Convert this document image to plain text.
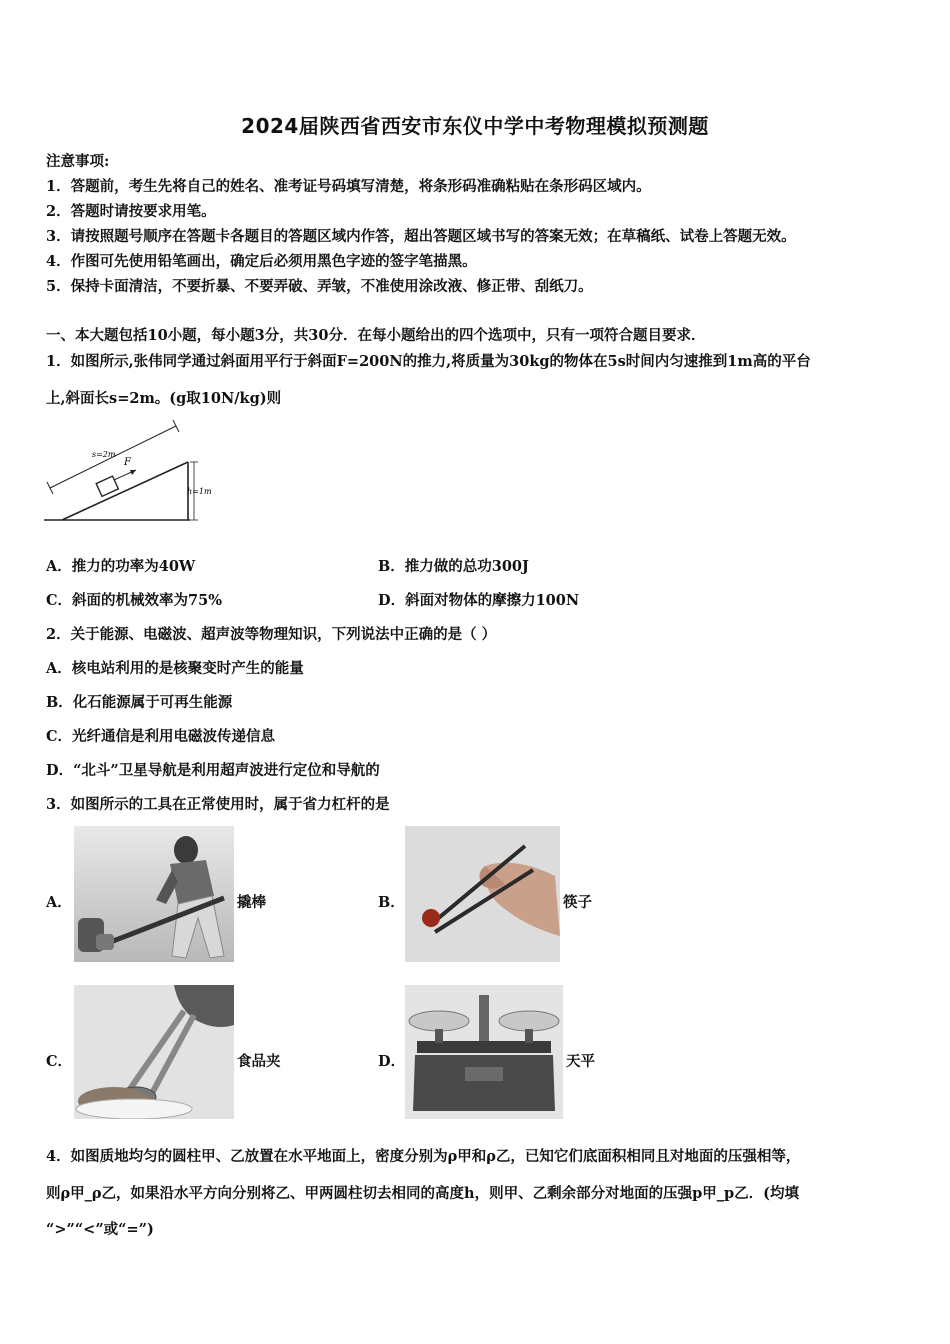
2024届陕西省西安市东仪中学中考物理模拟预测题
注意事项:
1．答题前，考生先将自己的姓名、准考证号码填写清楚，将条形码准确粘贴在条形码区域内。
2．答题时请按要求用笔。
3．请按照题号顺序在答题卡各题目的答题区域内作答，超出答题区域书写的答案无效；在草稿纸、试卷上答题无效。
4．作图可先使用铅笔画出，确定后必须用黑色字迹的签字笔描黑。
5．保持卡面清洁，不要折暴、不要弄破、弄皱，不准使用涂改液、修正带、刮纸刀。
一、本大题包括10小题，每小题3分，共30分．在每小题给出的四个选项中，只有一项符合题目要求．
1．如图所示,张伟同学通过斜面用平行于斜面F=200N的推力,将质量为30kg的物体在5s时间内匀速推到1m高的平台
上,斜面长s=2m。(g取10N/kg)则
s=2m
F
h=1m
A．推力的功率为40W	B．推力做的总功300J
C．斜面的机械效率为75%	D．斜面对物体的摩擦力100N
2．关于能源、电磁波、超声波等物理知识，下列说法中正确的是（ ）
A．核电站利用的是核聚变时产生的能量
B．化石能源属于可再生能源
C．光纤通信是利用电磁波传递信息
D．“北斗”卫星导航是利用超声波进行定位和导航的
3．如图所示的工具在正常使用时，属于省力杠杆的是
A．	撬棒	B．	筷子
C．	食品夹	D．	天平
4．如图质地均匀的圆柱甲、乙放置在水平地面上，密度分别为ρ甲和ρ乙，已知它们底面积相同且对地面的压强相等，
则ρ甲_ρ乙，如果沿水平方向分别将乙、甲两圆柱切去相同的高度h，则甲、乙剩余部分对地面的压强p甲_p乙．(均填
“>”“<”或“=”)
